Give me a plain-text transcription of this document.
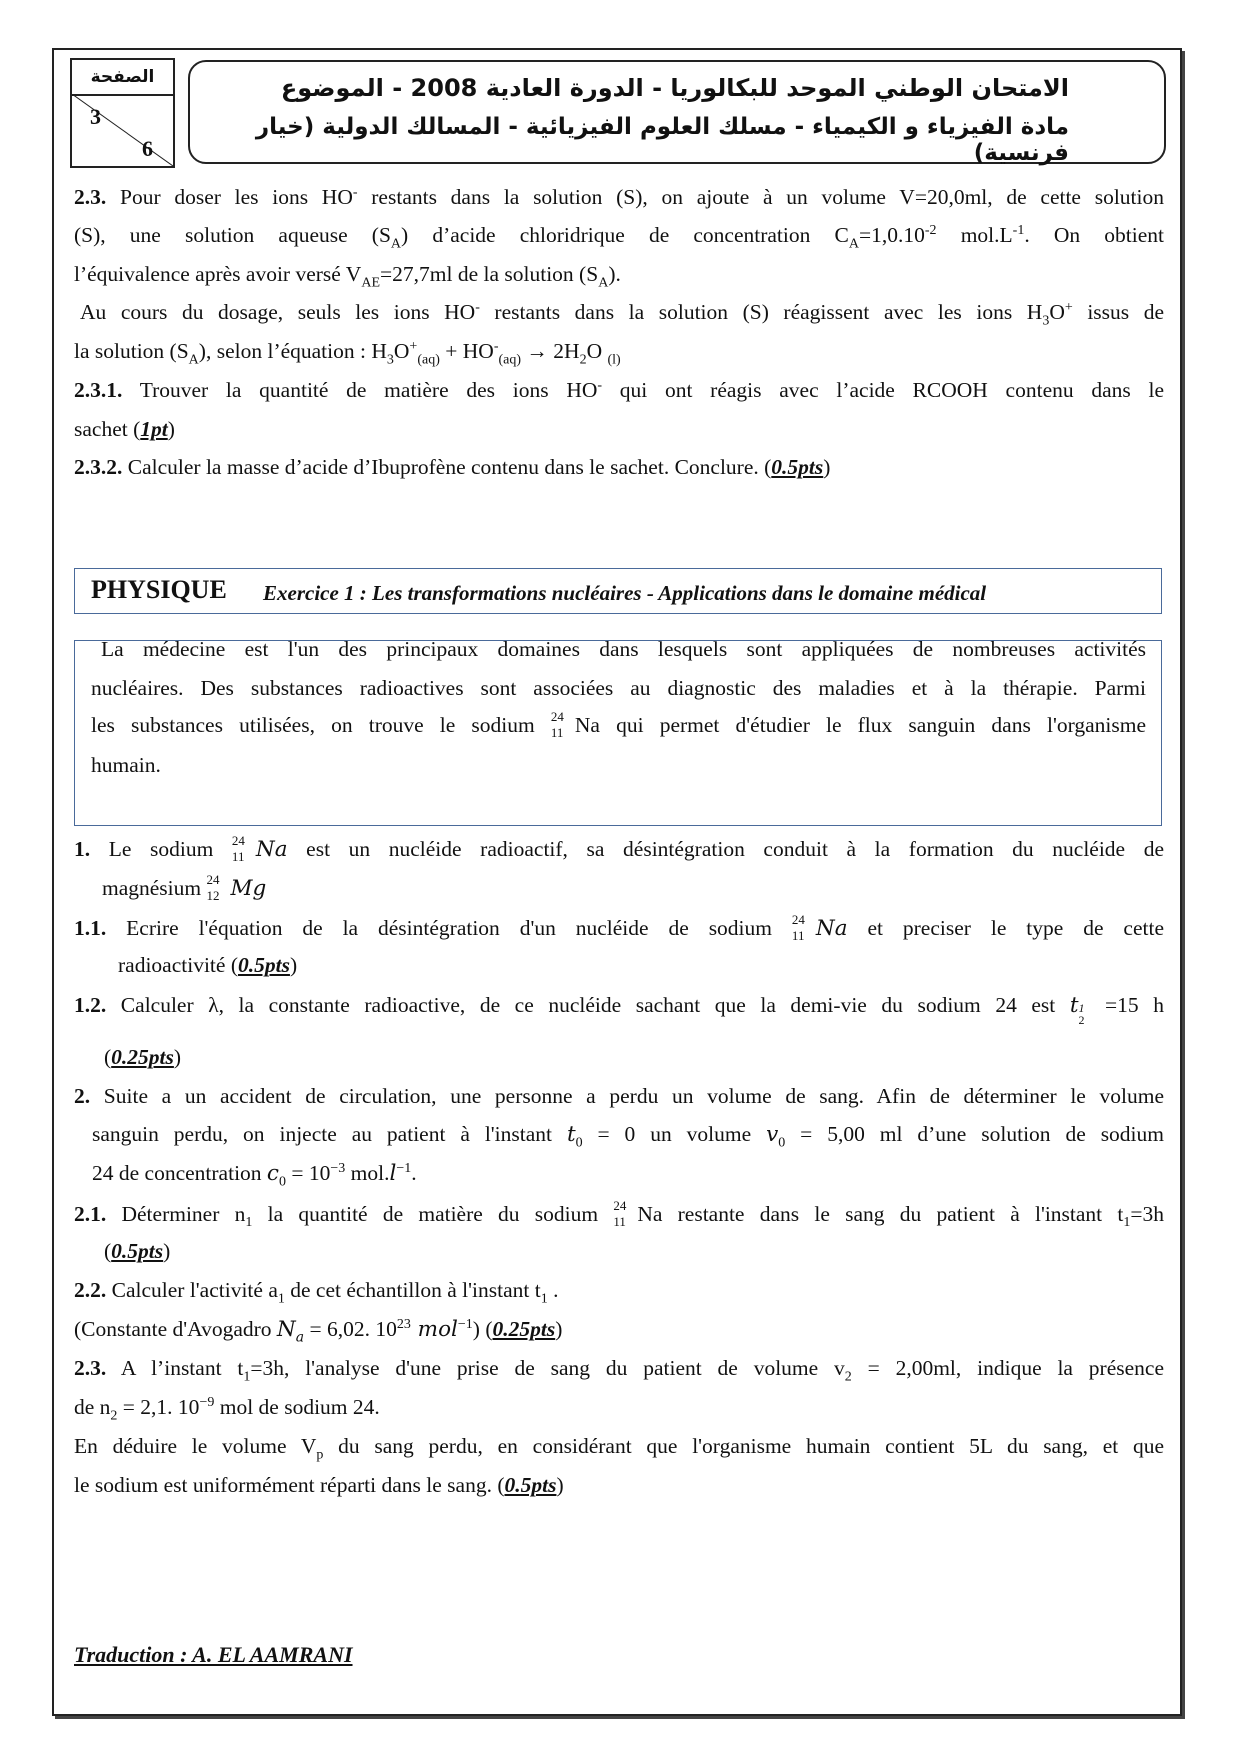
الصفحة
3
6
الامتحان الوطني الموحد للبكالوريا - الدورة العادية 2008 - الموضوع
مادة الفيزياء و الكيمياء - مسلك العلوم الفيزيائية - المسالك الدولية (خيار فرنسية)
2.3. Pour doser les ions HO- restants dans la solution (S), on ajoute à un volume V=20,0ml, de cette solution
(S), une solution aqueuse $(S_A)$ d’acide chloridrique de concentration $C_A=1,0.10^{-2}$ $mol.L^{-1}$. On obtient
l’équivalence après avoir versé $V_{AE}=27,7ml$ de la solution $(S_A)$.
Au cours du dosage, seuls les ions HO- restants dans la solution (S) réagissent avec les ions $H_3O^+$ issus de
la solution $(S_A)$, selon l’équation : $H_3O^+_{(aq)} + HO^-_{(aq)} \to 2H_2O$ $_{(l)}$
2.3.1. Trouver la quantité de matière des ions HO- qui ont réagis avec l’acide RCOOH contenu dans le
sachet (1pt)
2.3.2. Calculer la masse d’acide d’Ibuprofène contenu dans le sachet. Conclure. (0.5pts)
PHYSIQUE Exercice 1 : Les transformations nucléaires - Applications dans le domaine médical
La médecine est l'un des principaux domaines dans lesquels sont appliquées de nombreuses activités
nucléaires. Des substances radioactives sont associées au diagnostic des maladies et à la thérapie. Parmi
les substances utilisées, on trouve le sodium 24
11 Na qui permet d'étudier le flux sanguin dans l'organisme
humain.
1. Le sodium 24
11 Na est un nucléide radioactif, sa désintégration conduit à la formation du nucléide de
magnésium 24
12 Mg
1.1. Ecrire l'équation de la désintégration d'un nucléide de sodium 24
11 Na et preciser le type de cette
radioactivité (0.5pts)
1.2. Calculer λ, la constante radioactive, de ce nucléide sachant que la demi-vie du sodium 24 est t 1
2
=15 h
(0.25pts)
2. Suite a un accident de circulation, une personne a perdu un volume de sang. Afin de déterminer le volume
sanguin perdu, on injecte au patient à l'instant $t_0 = 0$ un volume $v_0 = 5,00$ ml d’une solution de sodium
24 de concentration $c_0 = 10^{-3}$ $mol.l^{-1}$.
2.1. Déterminer $n_1$ la quantité de matière du sodium 24
11 Na restante dans le sang du patient à l'instant $t_1=3h$
(0.5pts)
2.2. Calculer l'activité $a_1$ de cet échantillon à l'instant $t_1$ .
(Constante d'Avogadro $N_a = 6,02$. $10^{23}$ mol$^{-1}$) (0.25pts)
2.3. A l’instant $t_1=3h$, l'analyse d'une prise de sang du patient de volume $v_2 = 2,00ml$, indique la présence
de $n_2 = 2,1$. $10^{-9}$ mol de sodium 24.
En déduire le volume $V_p$ du sang perdu, en considérant que l'organisme humain contient 5L du sang, et que
le sodium est uniformément réparti dans le sang. (0.5pts)
Traduction : A. EL AAMRANI
